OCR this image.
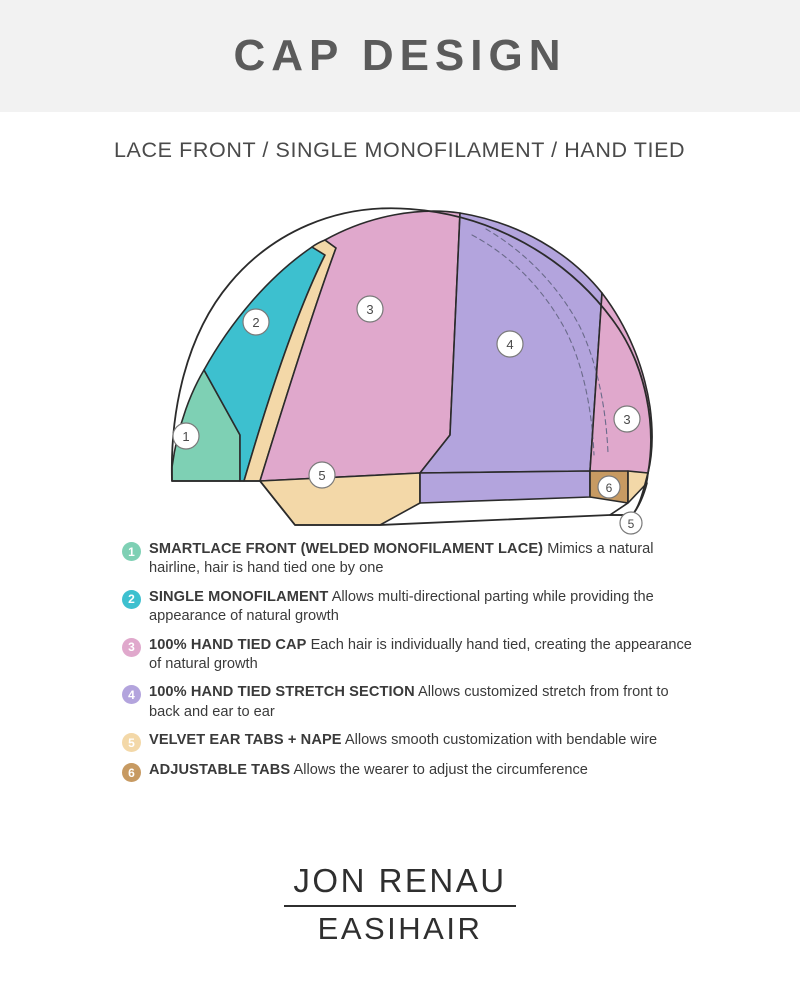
CAP DESIGN
LACE FRONT / SINGLE MONOFILAMENT / HAND TIED
1
2
3
3
4
5
5
6
1 SMARTLACE FRONT (WELDED MONOFILAMENT LACE) Mimics a natural hairline, hair is hand tied one by one
2 SINGLE MONOFILAMENT Allows multi-directional parting while providing the appearance of natural growth
3 100% HAND TIED CAP Each hair is individually hand tied, creating the appearance of natural growth
4 100% HAND TIED STRETCH SECTION Allows customized stretch from front to back and ear to ear
5 VELVET EAR TABS + NAPE Allows smooth customization with bendable wire
6 ADJUSTABLE TABS Allows the wearer to adjust the circumference
JON RENAU
EASIHAIR
